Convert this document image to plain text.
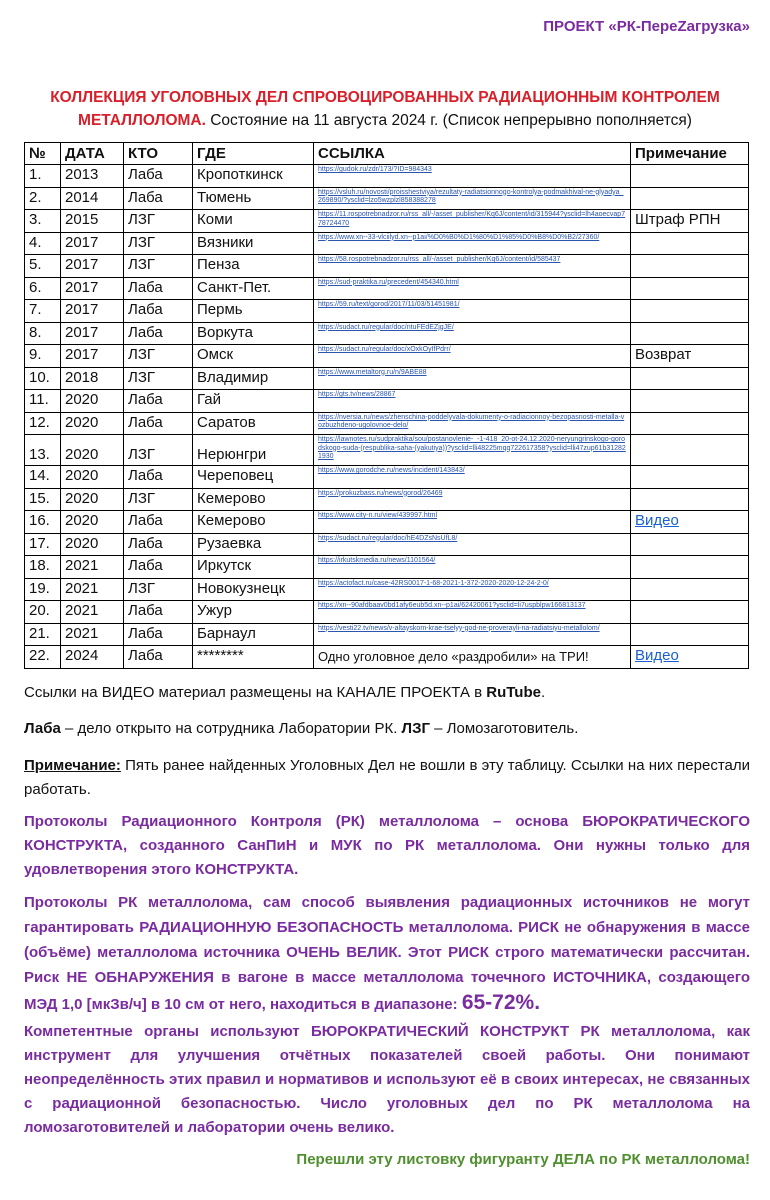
ПРОЕКТ «РК-ПереZагрузка»
КОЛЛЕКЦИЯ УГОЛОВНЫХ ДЕЛ СПРОВОЦИРОВАННЫХ РАДИАЦИОННЫМ КОНТРОЛЕМ МЕТАЛЛОЛОМА. Состояние на 11 августа 2024 г. (Список непрерывно пополняется)
№	ДАТА	КТО	ГДЕ	ССЫЛКА	Примечание
1.	2013	Лаба	Кропоткинск	https://gudok.ru/zdr/173/?ID=984343	
2.	2014	Лаба	Тюмень	https://vsluh.ru/novosti/proisshestviya/rezultaty-radiatsionnogo-kontrolya-podmakhival-ne-glyadya_269890/?ysclid=lzo5wzplzl858388278	
3.	2015	ЛЗГ	Коми	https://11.rospotrebnadzor.ru/rss_all/-/asset_publisher/Kq6J/content/id/315944?ysclid=lh4aoecvap778724470	Штраф РПН
4.	2017	ЛЗГ	Вязники	https://www.xn--33-vlciilyd.xn--p1ai/%D0%B0%D1%80%D1%85%D0%B8%D0%B2/27360/	
5.	2017	ЛЗГ	Пенза	https://58.rospotrebnadzor.ru/rss_all/-/asset_publisher/Kq6J/content/id/585437	
6.	2017	Лаба	Санкт-Пет.	https://sud-praktika.ru/precedent/454340.html	
7.	2017	Лаба	Пермь	https://59.ru/text/gorod/2017/11/03/51451981/	
8.	2017	Лаба	Воркута	https://sudact.ru/regular/doc/ntuFEdEZjgJE/	
9.	2017	ЛЗГ	Омск	https://sudact.ru/regular/doc/xOxkOyIfPdrr/	Возврат
10.	2018	ЛЗГ	Владимир	https://www.metaltorg.ru/n/9ABE88	
11.	2020	Лаба	Гай	https://gts.tv/news/28867	
12.	2020	Лаба	Саратов	https://nversia.ru/news/zhenschina-poddelyvala-dokumenty-o-radiacionnoy-bezopasnosti-metalla-vozbuzhdeno-ugolovnoe-delo/	
13.	2020	ЛЗГ	Нерюнгри	https://lawnotes.ru/sudpraktika/sou/postanovlenie-_-1-418_20-ot-24.12.2020-neryungrinskogo-gorodskogo-suda-(respublika-saha-(yakutiya))?ysclid=lli48225mqq722617358?ysclid=lli47zup61b312821930	
14.	2020	Лаба	Череповец	https://www.gorodche.ru/news/incident/143843/	
15.	2020	ЛЗГ	Кемерово	https://prokuzbass.ru/news/gorod/26469	
16.	2020	Лаба	Кемерово	https://www.city-n.ru/view/439997.html	Видео
17.	2020	Лаба	Рузаевка	https://sudact.ru/regular/doc/hE4DZsNsUfL8/	
18.	2021	Лаба	Иркутск	https://irkutskmedia.ru/news/1101564/	
19.	2021	ЛЗГ	Новокузнецк	https://actofact.ru/case-42RS0017-1-68-2021-1-372-2020-2020-12-24-2-0/	
20.	2021	Лаба	Ужур	https://xn--90afdbaav0bd1afy6eub5d.xn--p1ai/62420061?ysclid=li7uspblpw166813137	
21.	2021	Лаба	Барнаул	https://vesti22.tv/news/v-altayskom-krae-tselyy-god-ne-proverayli-na-radiatsiyu-metallolom/	
22.	2024	Лаба	********	Одно уголовное дело «раздробили» на ТРИ!	Видео
Ссылки на ВИДЕО материал размещены на КАНАЛЕ ПРОЕКТА в RuTube.
Лаба – дело открыто на сотрудника Лаборатории РК. ЛЗГ – Ломозаготовитель.
Примечание: Пять ранее найденных Уголовных Дел не вошли в эту таблицу. Ссылки на них перестали работать.
Протоколы Радиационного Контроля (РК) металлолома – основа БЮРОКРАТИЧЕСКОГО КОНСТРУКТА, созданного СанПиН и МУК по РК металлолома. Они нужны только для удовлетворения этого КОНСТРУКТА.
Протоколы РК металлолома, сам способ выявления радиационных источников не могут гарантировать РАДИАЦИОННУЮ БЕЗОПАСНОСТЬ металлолома. РИСК не обнаружения в массе (объёме) металлолома источника ОЧЕНЬ ВЕЛИК. Этот РИСК строго математически рассчитан. Риск НЕ ОБНАРУЖЕНИЯ в вагоне в массе металлолома точечного ИСТОЧНИКА, создающего МЭД 1,0 [мкЗв/ч] в 10 см от него, находиться в диапазоне: 65-72%.
Компетентные органы используют БЮРОКРАТИЧЕСКИЙ КОНСТРУКТ РК металлолома, как инструмент для улучшения отчётных показателей своей работы. Они понимают неопределённость этих правил и нормативов и используют её в своих интересах, не связанных с радиационной безопасностью. Число уголовных дел по РК металлолома на ломозаготовителей и лаборатории очень велико.
Перешли эту листовку фигуранту ДЕЛА по РК металлолома!
